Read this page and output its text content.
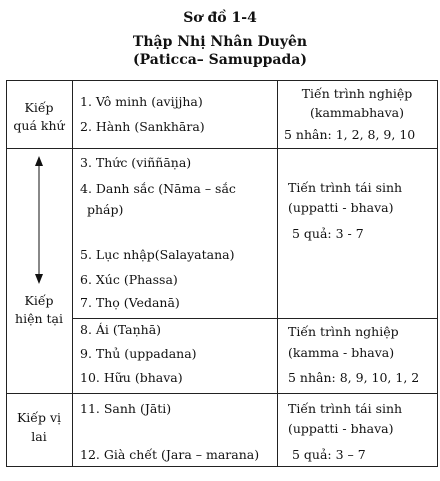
Sơ đồ 1-4
Thập Nhị Nhân Duyên
(Paticca– Samuppada)
Kiếp
quá khứ
1. Vô minh (avijjha)
2. Hành (Sankhāra)
Tiến trình nghiệp
(kammabhava)
5 nhân: 1, 2, 8, 9, 10
Kiếp
hiện tại
3. Thức (viññāṇa)
4. Danh sắc (Nāma – sắc
pháp)
5. Lục nhập(Salayatana)
6. Xúc (Phassa)
7. Thọ (Vedanā)
8. Ái (Taṇhā)
9. Thủ (uppadana)
10. Hữu (bhava)
Tiến trình tái sinh
(uppatti - bhava)
5 quả: 3 - 7
Tiến trình nghiệp
(kamma - bhava)
5 nhân: 8, 9, 10, 1, 2
Kiếp vị
lai
11. Sanh (Jāti)
12. Già chết (Jara – marana)
Tiến trình tái sinh
(uppatti - bhava)
5 quả: 3 – 7
